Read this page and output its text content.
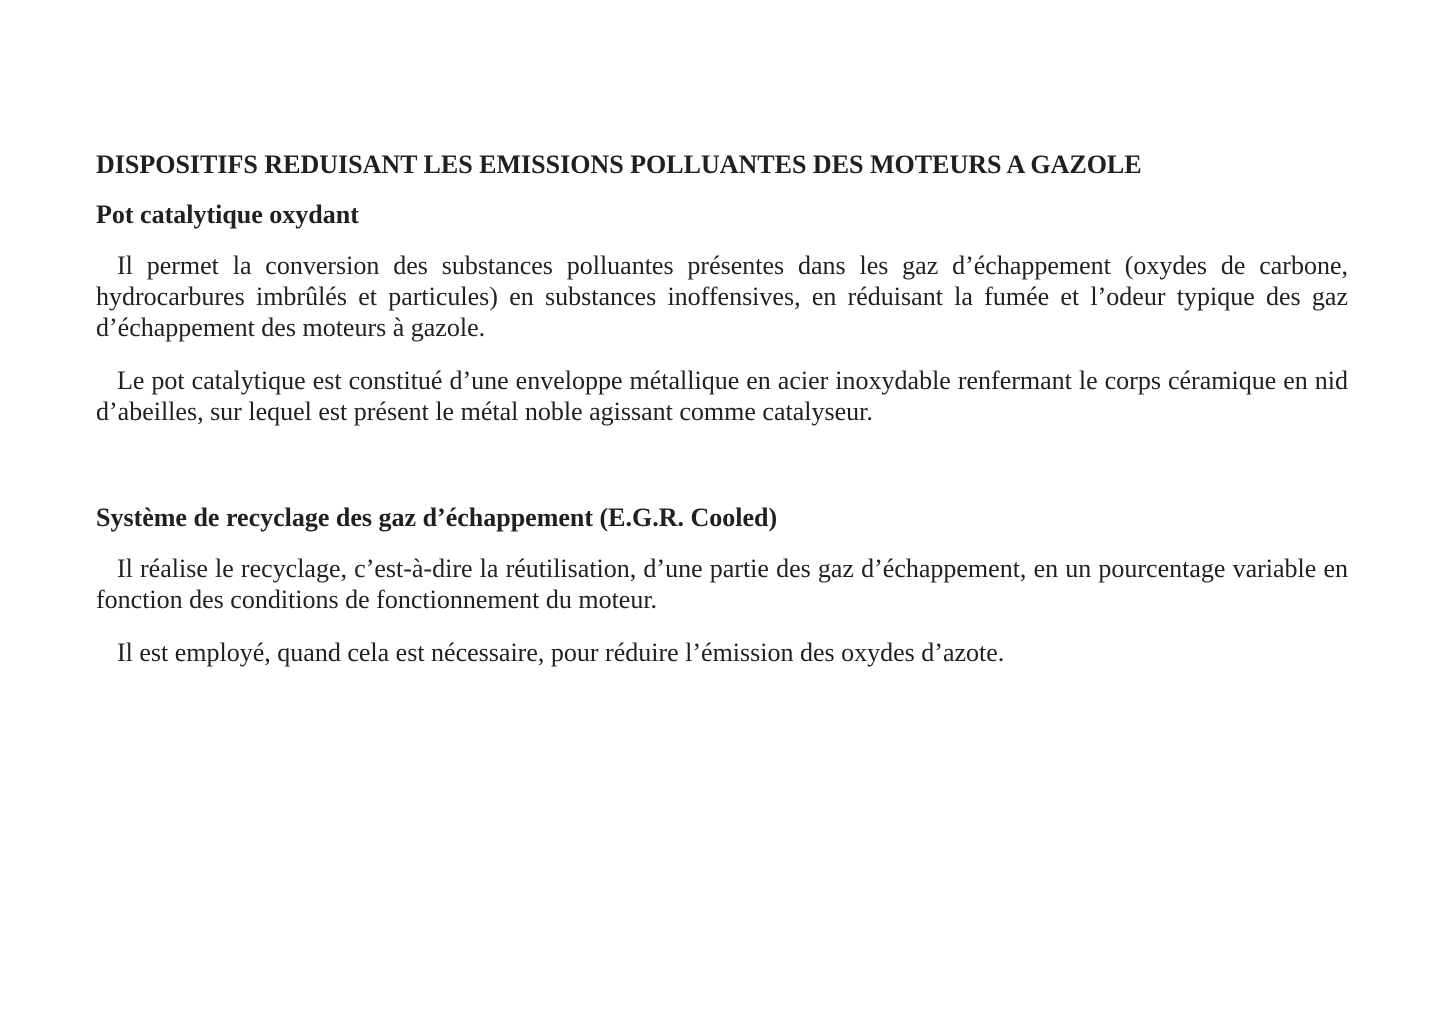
DISPOSITIFS REDUISANT LES EMISSIONS POLLUANTES DES MOTEURS A GAZOLE
Pot catalytique oxydant

Il permet la conversion des substances polluantes présentes dans les gaz d’échappement (oxydes de carbone, hydrocarbures imbrûlés et particules) en substances inoffensives, en réduisant la fumée et l’odeur typique des gaz d’échappement des moteurs à gazole.

Le pot catalytique est constitué d’une enveloppe métallique en acier inoxydable renfermant le corps céramique en nid d’abeilles, sur lequel est présent le métal noble agissant comme catalyseur.

Système de recyclage des gaz d’échappement (E.G.R. Cooled)

Il réalise le recyclage, c’est-à-dire la réutilisation, d’une partie des gaz d’échappement, en un pourcentage variable en fonction des conditions de fonctionnement du moteur.

Il est employé, quand cela est nécessaire, pour réduire l’émission des oxydes d’azote.
